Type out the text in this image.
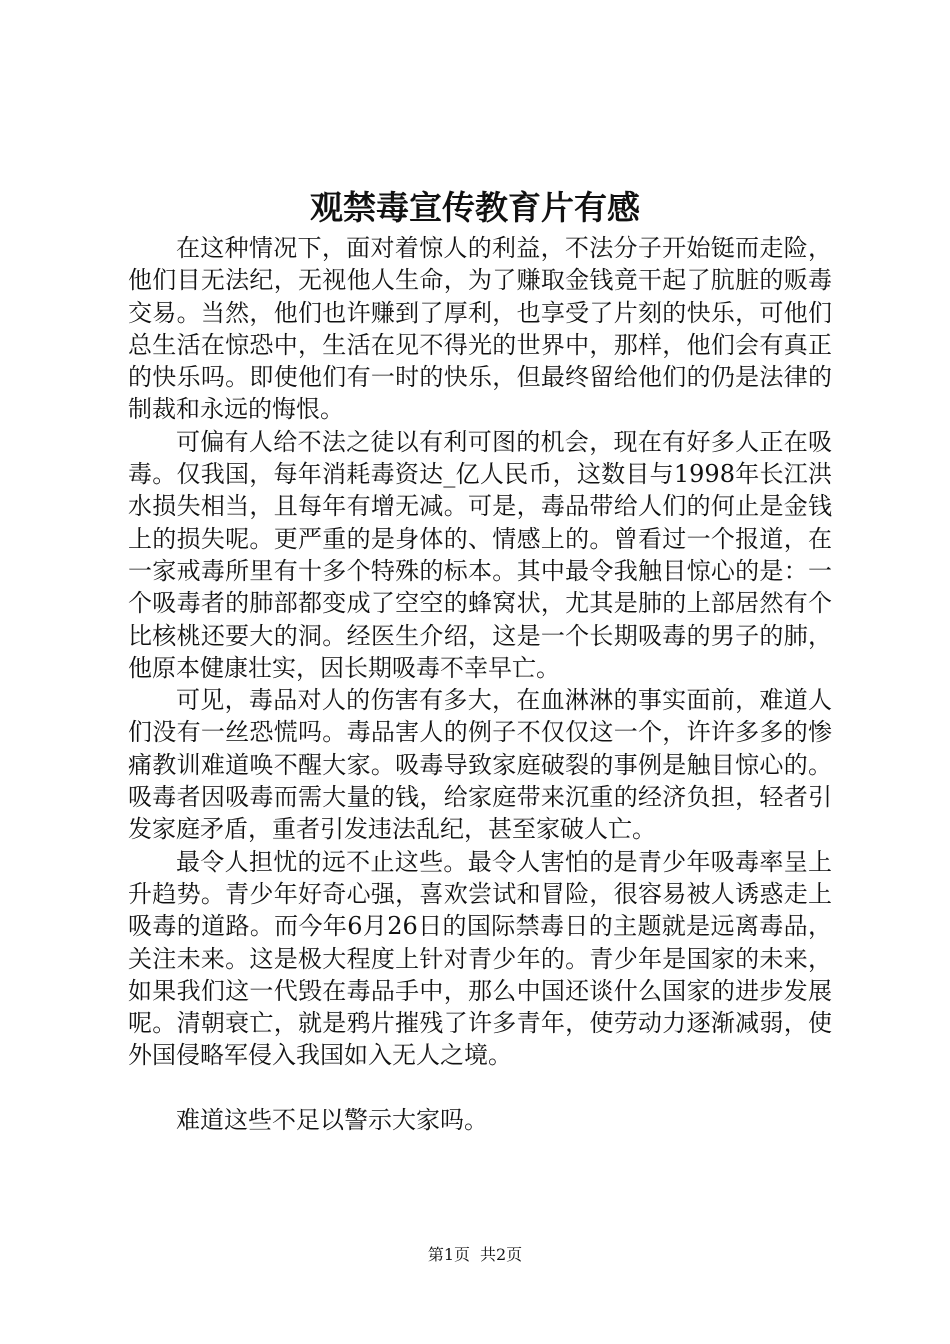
观禁毒宣传教育片有感

在这种情况下，面对着惊人的利益，不法分子开始铤而走险，他们目无法纪，无视他人生命，为了赚取金钱竟干起了肮脏的贩毒交易。当然，他们也许赚到了厚利，也享受了片刻的快乐，可他们总生活在惊恐中，生活在见不得光的世界中，那样，他们会有真正的快乐吗。即使他们有一时的快乐，但最终留给他们的仍是法律的制裁和永远的悔恨。

可偏有人给不法之徒以有利可图的机会，现在有好多人正在吸毒。仅我国，每年消耗毒资达_亿人民币，这数目与1998年长江洪水损失相当，且每年有增无减。可是，毒品带给人们的何止是金钱上的损失呢。更严重的是身体的、情感上的。曾看过一个报道，在一家戒毒所里有十多个特殊的标本。其中最令我触目惊心的是：一个吸毒者的肺部都变成了空空的蜂窝状，尤其是肺的上部居然有个比核桃还要大的洞。经医生介绍，这是一个长期吸毒的男子的肺，他原本健康壮实，因长期吸毒不幸早亡。

可见，毒品对人的伤害有多大，在血淋淋的事实面前，难道人们没有一丝恐慌吗。毒品害人的例子不仅仅这一个，许许多多的惨痛教训难道唤不醒大家。吸毒导致家庭破裂的事例是触目惊心的。吸毒者因吸毒而需大量的钱，给家庭带来沉重的经济负担，轻者引发家庭矛盾，重者引发违法乱纪，甚至家破人亡。

最令人担忧的远不止这些。最令人害怕的是青少年吸毒率呈上升趋势。青少年好奇心强，喜欢尝试和冒险，很容易被人诱惑走上吸毒的道路。而今年6月26日的国际禁毒日的主题就是远离毒品，关注未来。这是极大程度上针对青少年的。青少年是国家的未来，如果我们这一代毁在毒品手中，那么中国还谈什么国家的进步发展呢。清朝衰亡，就是鸦片摧残了许多青年，使劳动力逐渐减弱，使外国侵略军侵入我国如入无人之境。

难道这些不足以警示大家吗。

第1页 共2页
